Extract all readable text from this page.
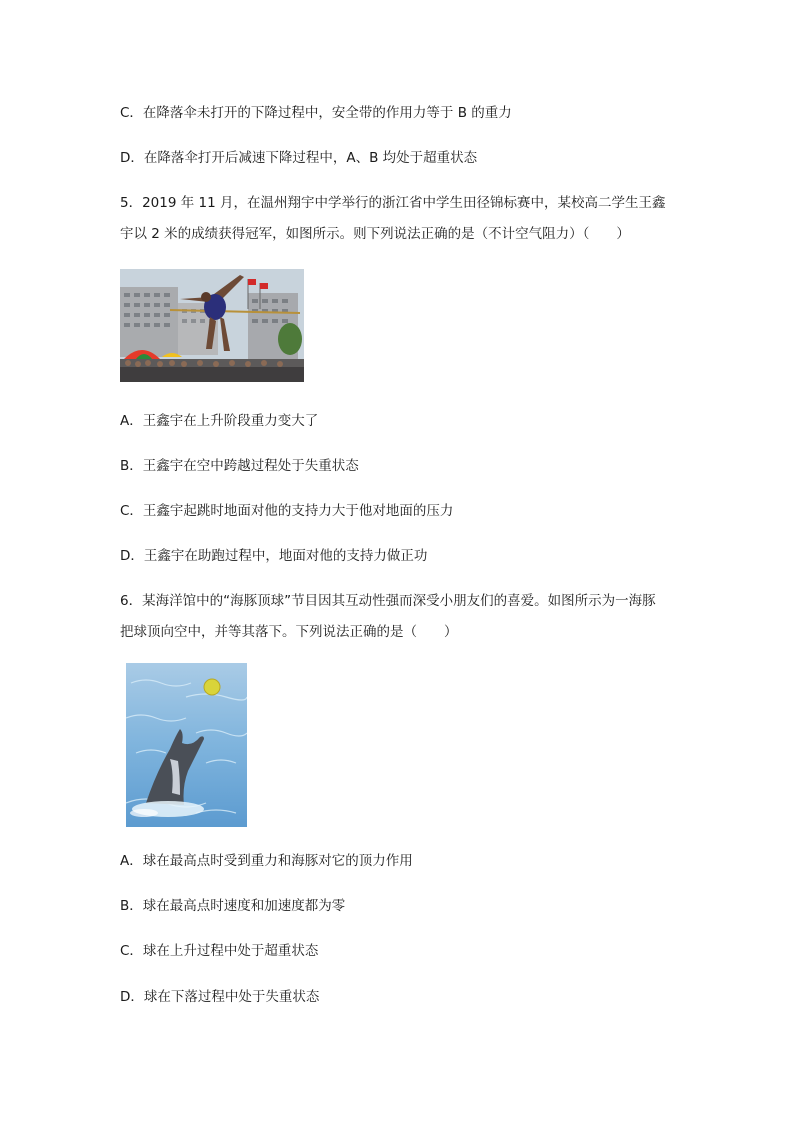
C．在降落伞未打开的下降过程中，安全带的作用力等于 B 的重力
D．在降落伞打开后减速下降过程中，A、B 均处于超重状态
5．2019 年 11 月，在温州翔宇中学举行的浙江省中学生田径锦标赛中，某校高二学生王鑫
宇以 2 米的成绩获得冠军，如图所示。则下列说法正确的是（不计空气阻力）（　　）
A．王鑫宇在上升阶段重力变大了
B．王鑫宇在空中跨越过程处于失重状态
C．王鑫宇起跳时地面对他的支持力大于他对地面的压力
D．王鑫宇在助跑过程中，地面对他的支持力做正功
6．某海洋馆中的“海豚顶球”节目因其互动性强而深受小朋友们的喜爱。如图所示为一海豚
把球顶向空中，并等其落下。下列说法正确的是（　　）
A．球在最高点时受到重力和海豚对它的顶力作用
B．球在最高点时速度和加速度都为零
C．球在上升过程中处于超重状态
D．球在下落过程中处于失重状态
